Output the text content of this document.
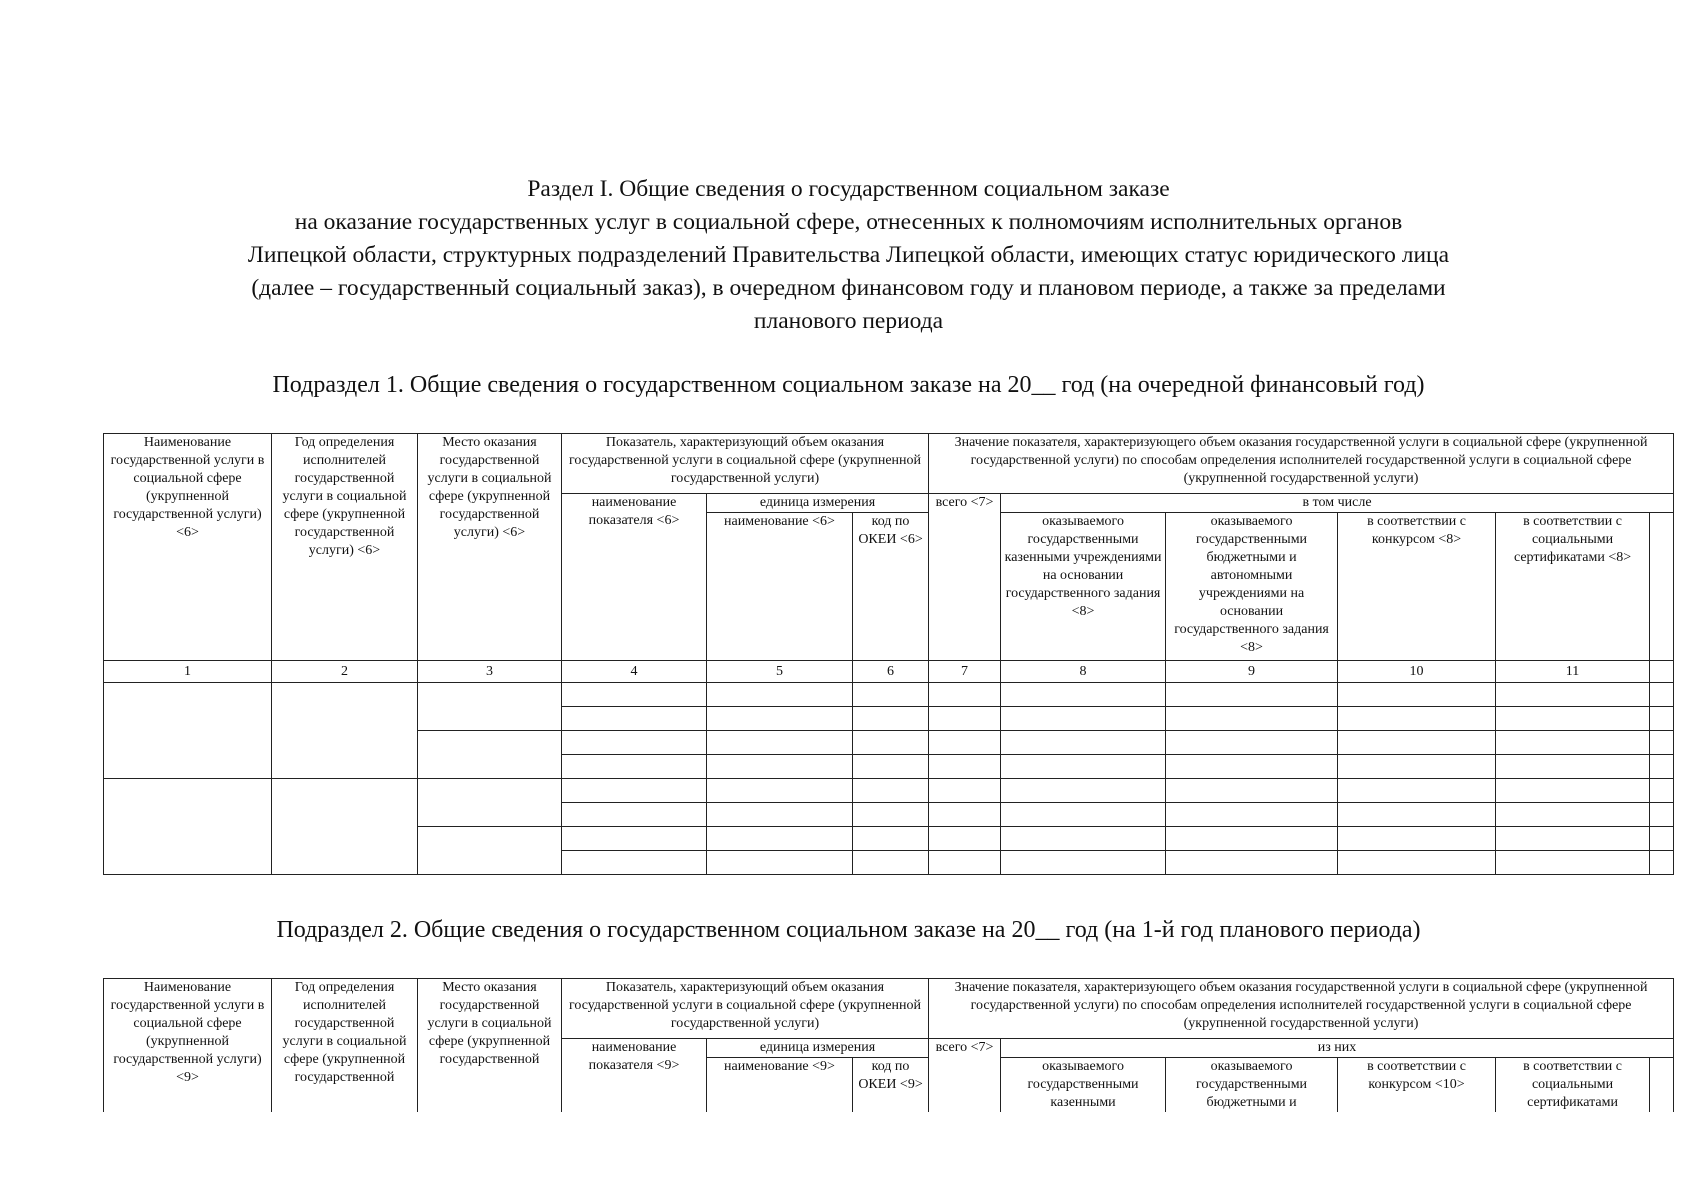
Раздел I. Общие сведения о государственном социальном заказе
на оказание государственных услуг в социальной сфере, отнесенных к полномочиям исполнительных органов
Липецкой области, структурных подразделений Правительства Липецкой области, имеющих статус юридического лица
(далее – государственный социальный заказ), в очередном финансовом году и плановом периоде, а также за пределами
планового периода
Подраздел 1. Общие сведения о государственном социальном заказе на 20__ год (на очередной финансовый год)
Наименование государственной услуги в социальной сфере (укрупненной государственной услуги) <6>	Год определения исполнителей государственной услуги в социальной сфере (укрупненной государственной услуги) <6>	Место оказания государственной услуги в социальной сфере (укрупненной государственной услуги) <6>	Показатель, характеризующий объем оказания государственной услуги в социальной сфере (укрупненной государственной услуги)			Значение показателя, характеризующего объем оказания государственной услуги в социальной сфере (укрупненной государственной услуги) по способам определения исполнителей государственной услуги в социальной сфере (укрупненной государственной услуги)					
			наименование показателя <6>	единица измерения		всего <7>	в том числе				
				наименование <6>	код по ОКЕИ <6>		оказываемого государственными казенными учреждениями на основании государственного задания <8>	оказываемого государственными бюджетными и автономными учреждениями на основании государственного задания <8>	в соответствии с конкурсом <8>	в соответствии с социальными сертификатами <8>	
1	2	3	4	5	6	7	8	9	10	11	

Подраздел 2. Общие сведения о государственном социальном заказе на 20__ год (на 1-й год планового периода)
Наименование государственной услуги в социальной сфере (укрупненной государственной услуги) <9>	Год определения исполнителей государственной услуги в социальной сфере (укрупненной государственной	Место оказания государственной услуги в социальной сфере (укрупненной государственной	Показатель, характеризующий объем оказания государственной услуги в социальной сфере (укрупненной государственной услуги)			Значение показателя, характеризующего объем оказания государственной услуги в социальной сфере (укрупненной государственной услуги) по способам определения исполнителей государственной услуги в социальной сфере (укрупненной государственной услуги)					
			наименование показателя <9>	единица измерения		всего <7>	из них				
				наименование <9>	код по ОКЕИ <9>		оказываемого государственными казенными	оказываемого государственными бюджетными и	в соответствии с конкурсом <10>	в соответствии с социальными сертификатами	
